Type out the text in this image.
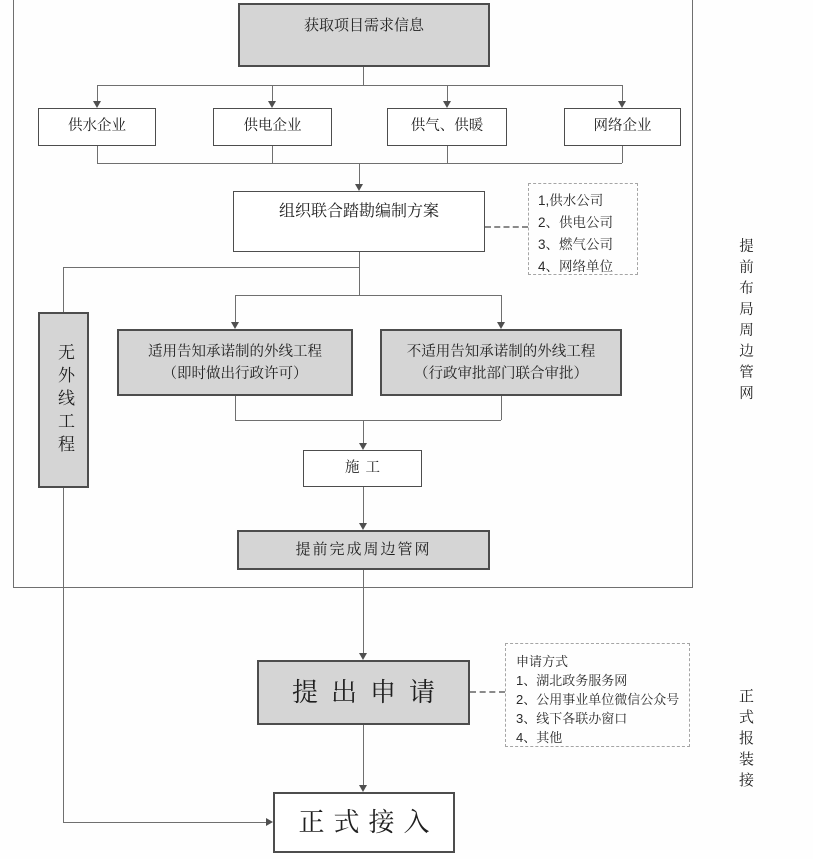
获取项目需求信息
供水企业	供电企业	供气、供暖	网络企业
组织联合踏勘编制方案
1,供水公司
2、供电公司
3、燃气公司
4、网络单位
无外线工程	适用告知承诺制的外线工程
（即时做出行政许可）
不适用告知承诺制的外线工程
（行政审批部门联合审批）
施工
提前完成周边管网
提出申请
申请方式
1、湖北政务服务网
2、公用事业单位微信公众号
3、线下各联办窗口
4、其他
正式接入
提前布局周边管网
正式报装接
